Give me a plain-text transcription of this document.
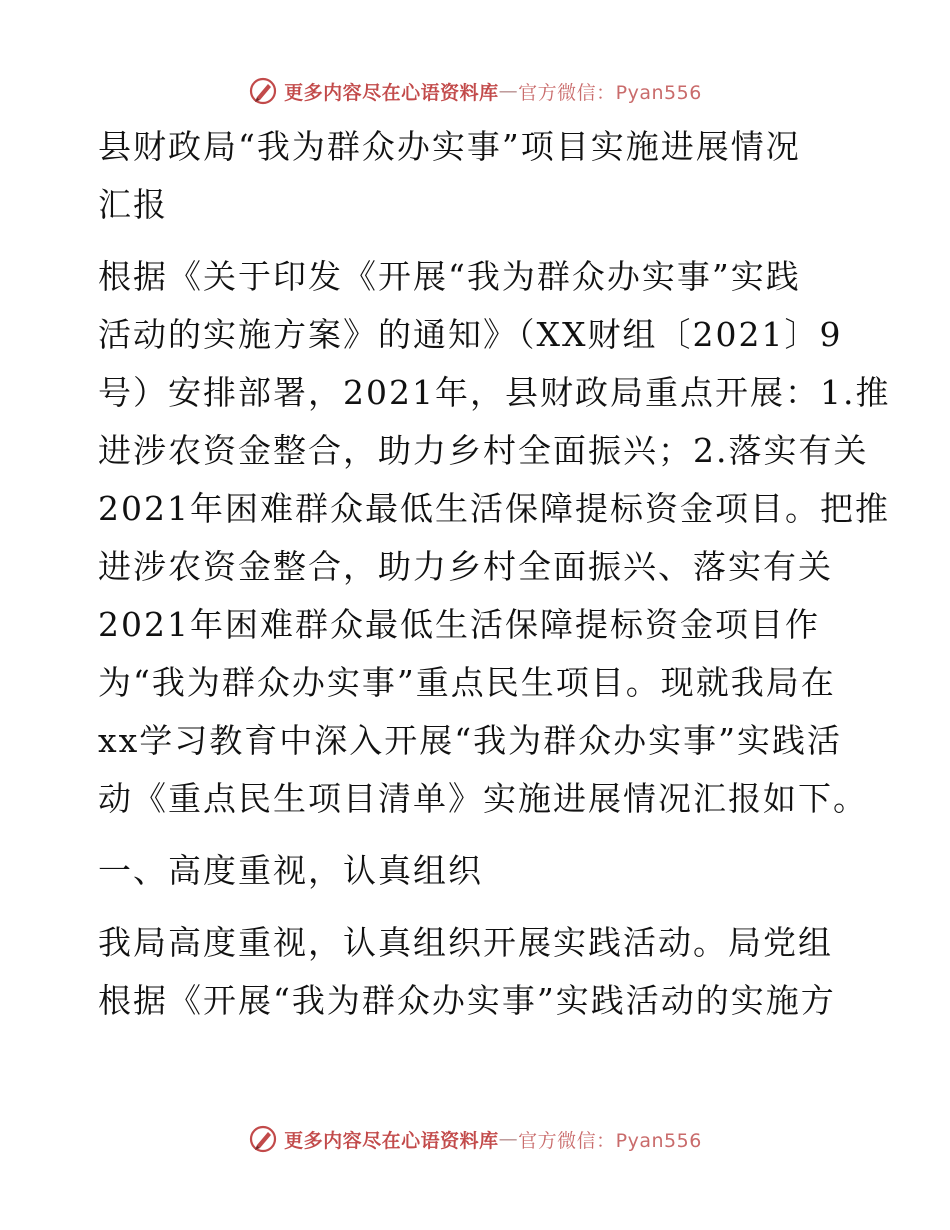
更多内容尽在心语资料库 — 官方微信：Pyan556
县财政局“我为群众办实事”项目实施进展情况
汇报
根据《关于印发《开展“我为群众办实事”实践
活动的实施方案》的通知》（XX财组〔2021〕9
号）安排部署，2021年，县财政局重点开展：1.推
进涉农资金整合，助力乡村全面振兴；2.落实有关
2021年困难群众最低生活保障提标资金项目。把推
进涉农资金整合，助力乡村全面振兴、落实有关
2021年困难群众最低生活保障提标资金项目作
为“我为群众办实事”重点民生项目。现就我局在
xx学习教育中深入开展“我为群众办实事”实践活
动《重点民生项目清单》实施进展情况汇报如下。
一、高度重视，认真组织
我局高度重视，认真组织开展实践活动。局党组
根据《开展“我为群众办实事”实践活动的实施方
更多内容尽在心语资料库 — 官方微信：Pyan556
